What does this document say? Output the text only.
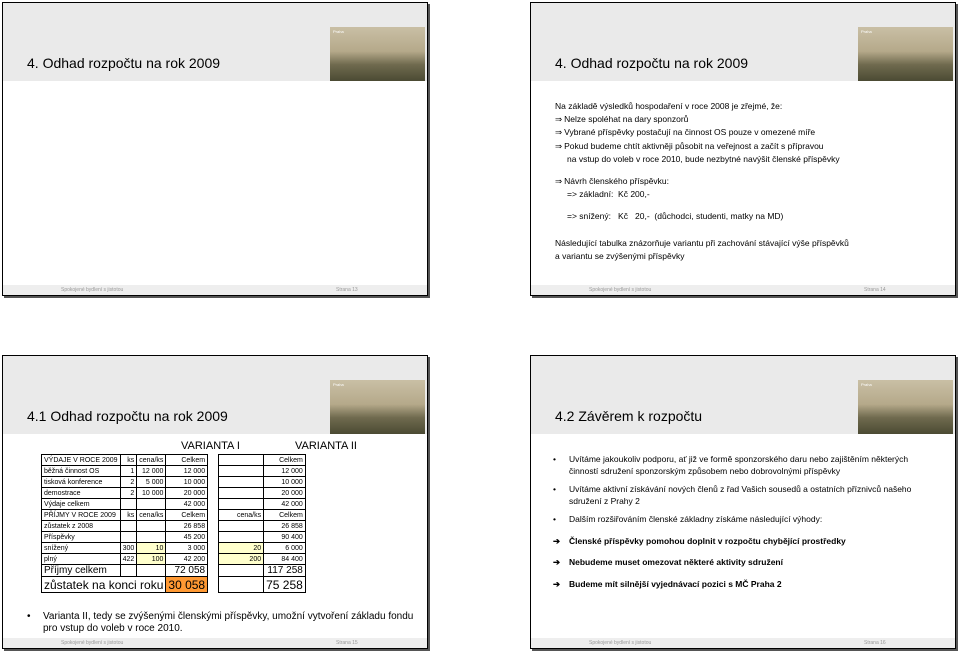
Praha
4. Odhad rozpočtu na rok 2009
Spokojené bydlení s jistotou	Strana 13
Praha
4. Odhad rozpočtu na rok 2009
Na základě výsledků hospodaření v roce 2008 je zřejmé, že:
⇒ Nelze spoléhat na dary sponzorů
⇒ Vybrané příspěvky postačují na činnost OS pouze v omezené míře
⇒ Pokud budeme chtít aktivněji působit na veřejnost a začít s přípravou
na vstup do voleb v roce 2010, bude nezbytné navýšit členské příspěvky
⇒ Návrh členského příspěvku:
=> základní:  Kč 200,-
=> snížený:   Kč   20,-  (důchodci, studenti, matky na MD)
Následující tabulka znázorňuje variantu při zachování stávající výše příspěvků
a variantu se zvýšenými příspěvky
Spokojené bydlení s jistotou	Strana 14
Praha
4.1 Odhad rozpočtu na rok 2009
VARIANTA I	VARIANTA II
VÝDAJE V ROCE 2009	ks	cena/ks	Celkem			Celkem
běžná činnost OS	1	12 000	12 000			12 000
tisková konference	2	5 000	10 000			10 000
demostrace	2	10 000	20 000			20 000
Výdaje celkem			42 000			42 000
PŘÍJMY V ROCE 2009	ks	cena/ks	Celkem		cena/ks	Celkem
zůstatek z 2008			26 858			26 858
Příspěvky			45 200			90 400
snížený	300	10	3 000		20	6 000
plný	422	100	42 200		200	84 400
Příjmy celkem			72 058			117 258
zůstatek na konci roku			30 058			75 258
• Varianta II, tedy se zvýšenými členskými příspěvky, umožní vytvoření základu fondu pro vstup do voleb v roce 2010.
Spokojené bydlení s jistotou	Strana 15
Praha
4.2 Závěrem k rozpočtu
• Uvítáme jakoukoliv podporu, ať již ve formě sponzorského daru nebo zajištěním některých činností sdružení sponzorským způsobem nebo dobrovolnými příspěvky
• Uvítáme aktivní získávání nových členů z řad Vašich sousedů a ostatních příznivců našeho sdružení z Prahy 2
• Dalším rozšiřováním členské základny získáme následující výhody:
➔ Členské příspěvky pomohou doplnit v rozpočtu chybějící prostředky
➔ Nebudeme muset omezovat některé aktivity sdružení
➔ Budeme mít silnější vyjednávací pozici s MČ Praha 2
Spokojené bydlení s jistotou	Strana 16
